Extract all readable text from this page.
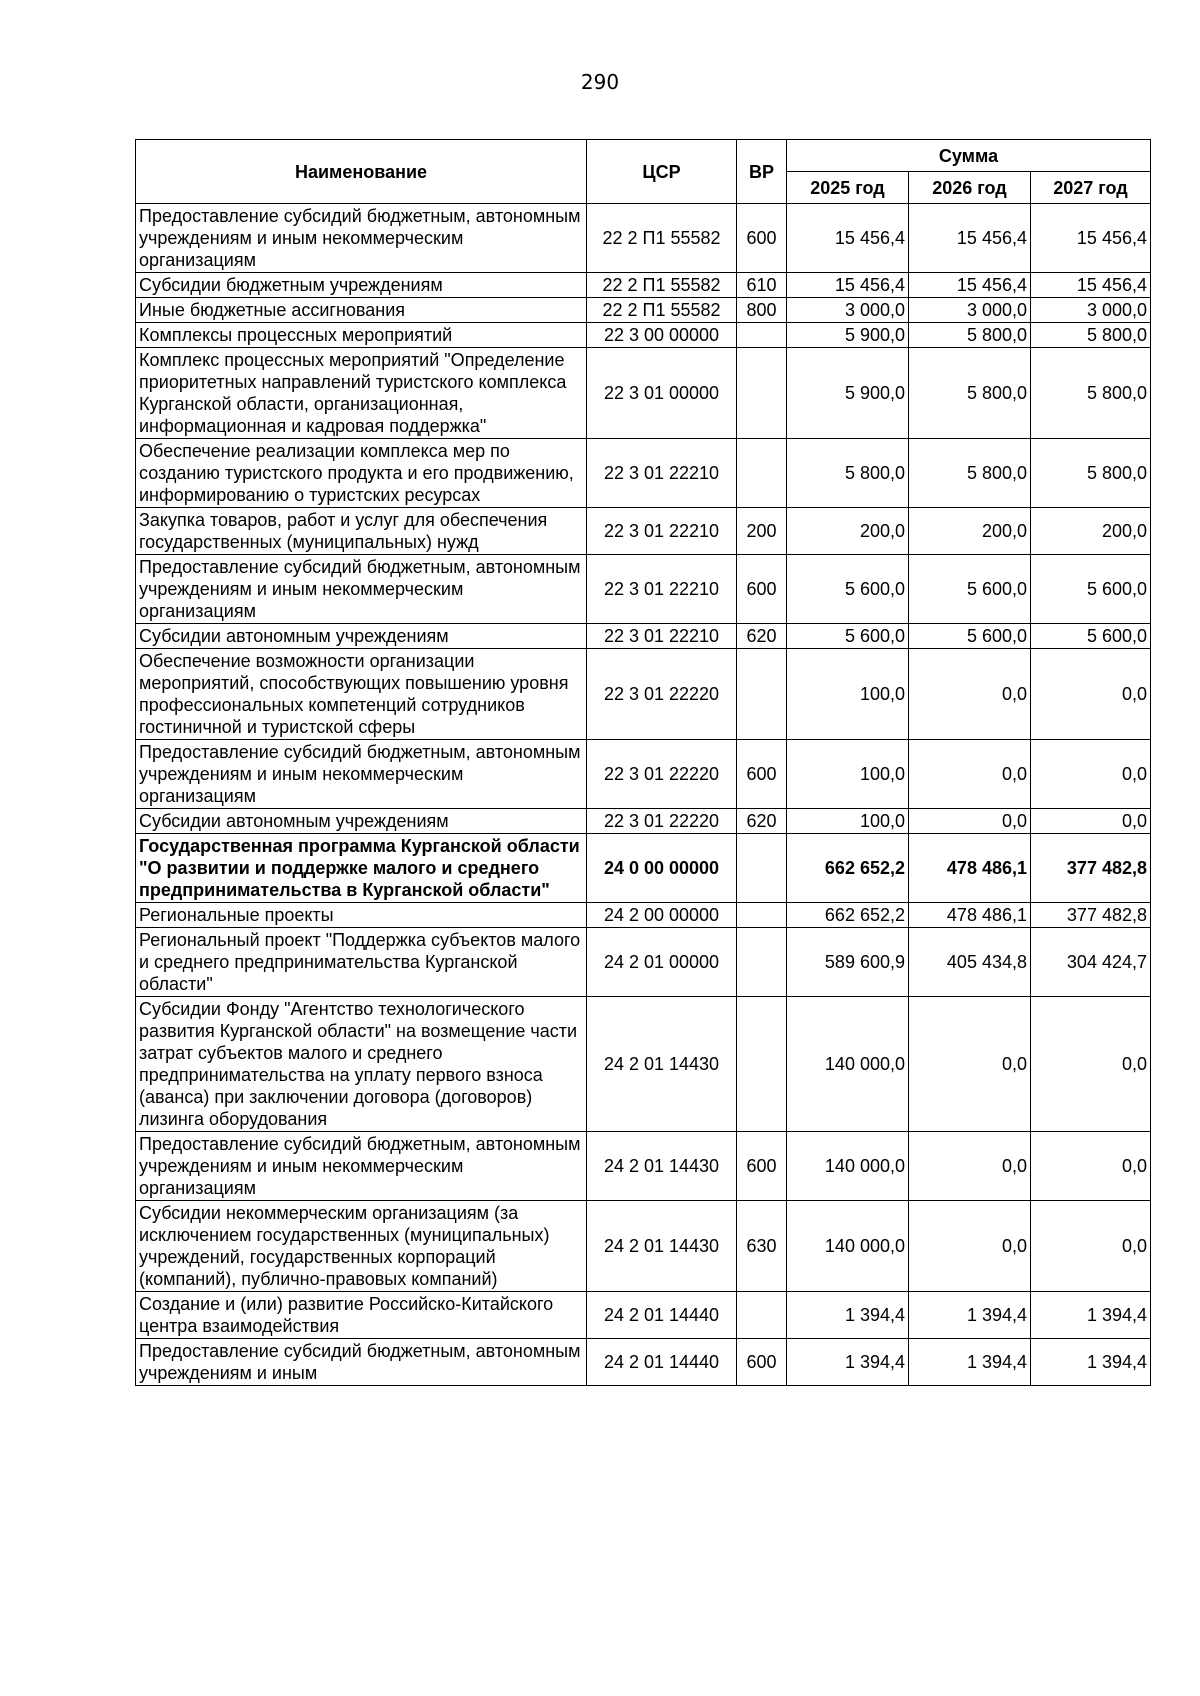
290
Наименование	ЦСР	ВР	Сумма		
			2025 год	2026 год	2027 год
Предоставление субсидий бюджетным, автономным учреждениям и иным некоммерческим организациям	22 2 П1 55582	600	15 456,4	15 456,4	15 456,4
Субсидии бюджетным учреждениям	22 2 П1 55582	610	15 456,4	15 456,4	15 456,4
Иные бюджетные ассигнования	22 2 П1 55582	800	3 000,0	3 000,0	3 000,0
Комплексы процессных мероприятий	22 3 00 00000		5 900,0	5 800,0	5 800,0
Комплекс процессных мероприятий "Определение приоритетных направлений туристского комплекса Курганской области, организационная, информационная и кадровая поддержка"	22 3 01 00000		5 900,0	5 800,0	5 800,0
Обеспечение реализации комплекса мер по созданию туристского продукта и его продвижению, информированию о туристских ресурсах	22 3 01 22210		5 800,0	5 800,0	5 800,0
Закупка товаров, работ и услуг для обеспечения государственных (муниципальных) нужд	22 3 01 22210	200	200,0	200,0	200,0
Предоставление субсидий бюджетным, автономным учреждениям и иным некоммерческим организациям	22 3 01 22210	600	5 600,0	5 600,0	5 600,0
Субсидии автономным учреждениям	22 3 01 22210	620	5 600,0	5 600,0	5 600,0
Обеспечение возможности организации мероприятий, способствующих повышению уровня профессиональных компетенций сотрудников гостиничной и туристской сферы	22 3 01 22220		100,0	0,0	0,0
Предоставление субсидий бюджетным, автономным учреждениям и иным некоммерческим организациям	22 3 01 22220	600	100,0	0,0	0,0
Субсидии автономным учреждениям	22 3 01 22220	620	100,0	0,0	0,0
Государственная программа Курганской области "О развитии и поддержке малого и среднего предпринимательства в Курганской области"	24 0 00 00000		662 652,2	478 486,1	377 482,8
Региональные проекты	24 2 00 00000		662 652,2	478 486,1	377 482,8
Региональный проект "Поддержка субъектов малого и среднего предпринимательства Курганской области"	24 2 01 00000		589 600,9	405 434,8	304 424,7
Субсидии Фонду "Агентство технологического развития Курганской области" на возмещение части затрат субъектов малого и среднего предпринимательства на уплату первого взноса (аванса) при заключении договора (договоров) лизинга оборудования	24 2 01 14430		140 000,0	0,0	0,0
Предоставление субсидий бюджетным, автономным учреждениям и иным некоммерческим организациям	24 2 01 14430	600	140 000,0	0,0	0,0
Субсидии некоммерческим организациям (за исключением государственных (муниципальных) учреждений, государственных корпораций (компаний), публично-правовых компаний)	24 2 01 14430	630	140 000,0	0,0	0,0
Создание и (или) развитие Российско-Китайского центра взаимодействия	24 2 01 14440		1 394,4	1 394,4	1 394,4
Предоставление субсидий бюджетным, автономным учреждениям и иным	24 2 01 14440	600	1 394,4	1 394,4	1 394,4
